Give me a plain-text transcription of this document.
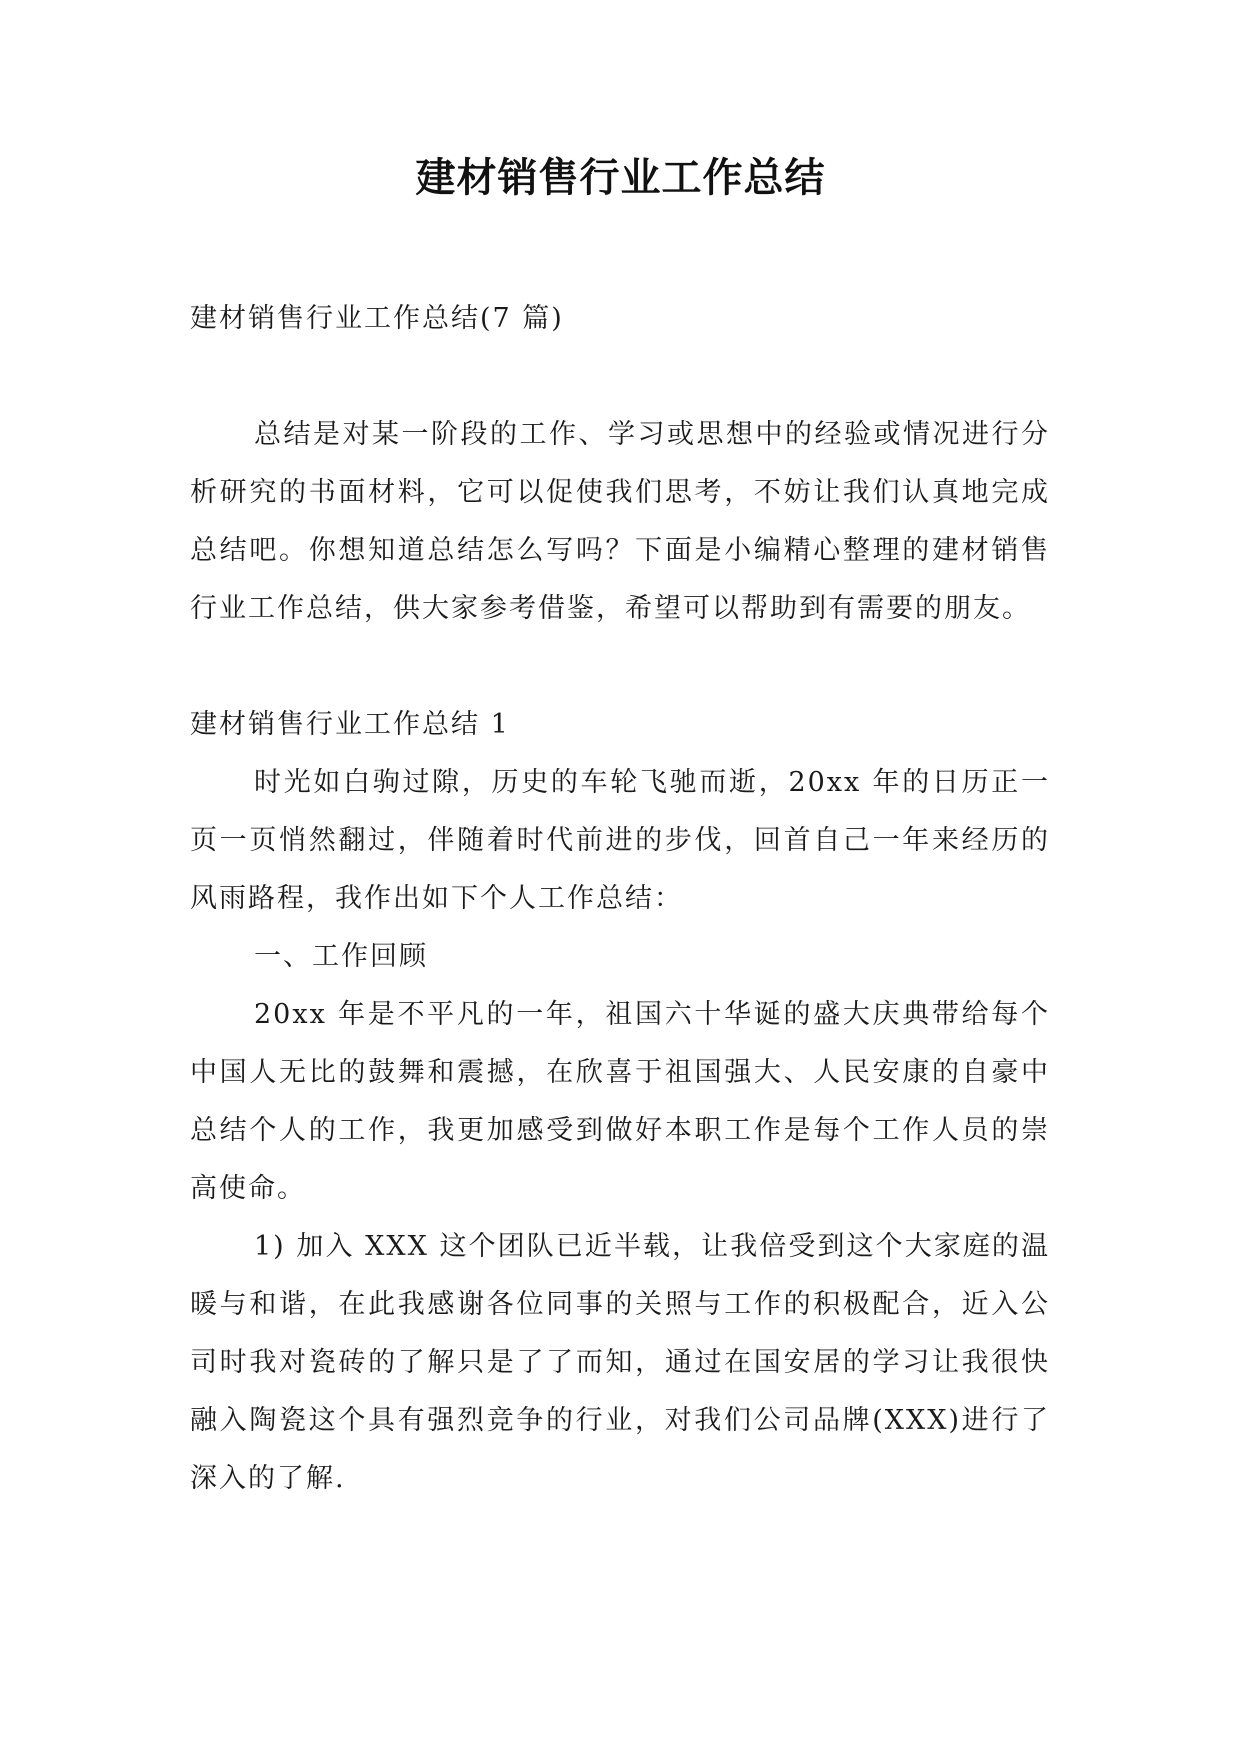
建材销售行业工作总结
建材销售行业工作总结(7 篇)

总结是对某一阶段的工作、学习或思想中的经验或情况进行分析研究的书面材料，它可以促使我们思考，不妨让我们认真地完成总结吧。你想知道总结怎么写吗？下面是小编精心整理的建材销售行业工作总结，供大家参考借鉴，希望可以帮助到有需要的朋友。

建材销售行业工作总结 1

时光如白驹过隙，历史的车轮飞驰而逝，20xx 年的日历正一页一页悄然翻过，伴随着时代前进的步伐，回首自己一年来经历的风雨路程，我作出如下个人工作总结：

一、工作回顾

20xx 年是不平凡的一年，祖国六十华诞的盛大庆典带给每个中国人无比的鼓舞和震撼，在欣喜于祖国强大、人民安康的自豪中总结个人的工作，我更加感受到做好本职工作是每个工作人员的崇高使命。

1) 加入 XXX 这个团队已近半载，让我倍受到这个大家庭的温暖与和谐，在此我感谢各位同事的关照与工作的积极配合，近入公司时我对瓷砖的了解只是了了而知，通过在国安居的学习让我很快融入陶瓷这个具有强烈竞争的行业，对我们公司品牌(XXX)进行了深入的了解.
